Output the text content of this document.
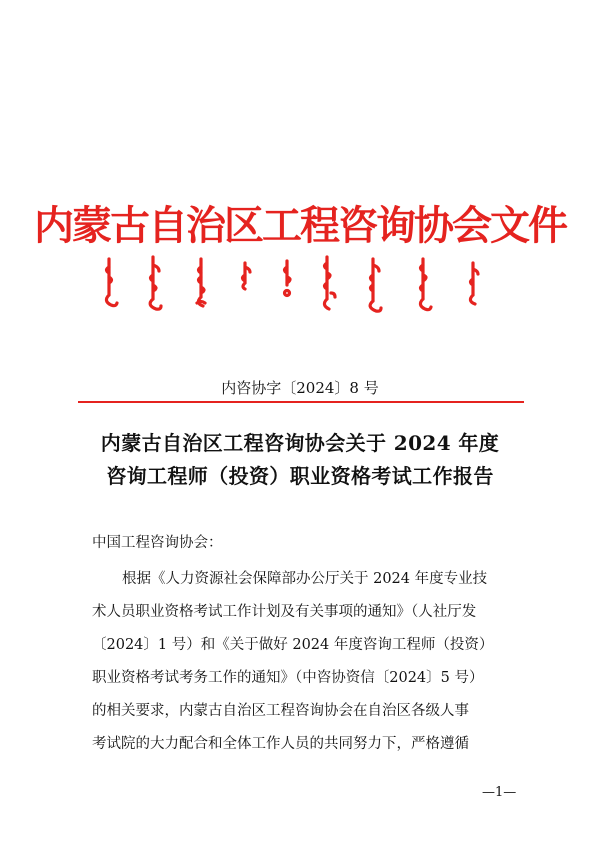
内蒙古自治区工程咨询协会文件
内咨协字〔2024〕8 号
内蒙古自治区工程咨询协会关于 2024 年度
咨询工程师（投资）职业资格考试工作报告
中国工程咨询协会：
根据《人力资源社会保障部办公厅关于 2024 年度专业技
术人员职业资格考试工作计划及有关事项的通知》（人社厅发
〔2024〕1 号）和《关于做好 2024 年度咨询工程师（投资）
职业资格考试考务工作的通知》（中咨协资信〔2024〕5 号）
的相关要求，内蒙古自治区工程咨询协会在自治区各级人事
考试院的大力配合和全体工作人员的共同努力下，严格遵循
—1—
